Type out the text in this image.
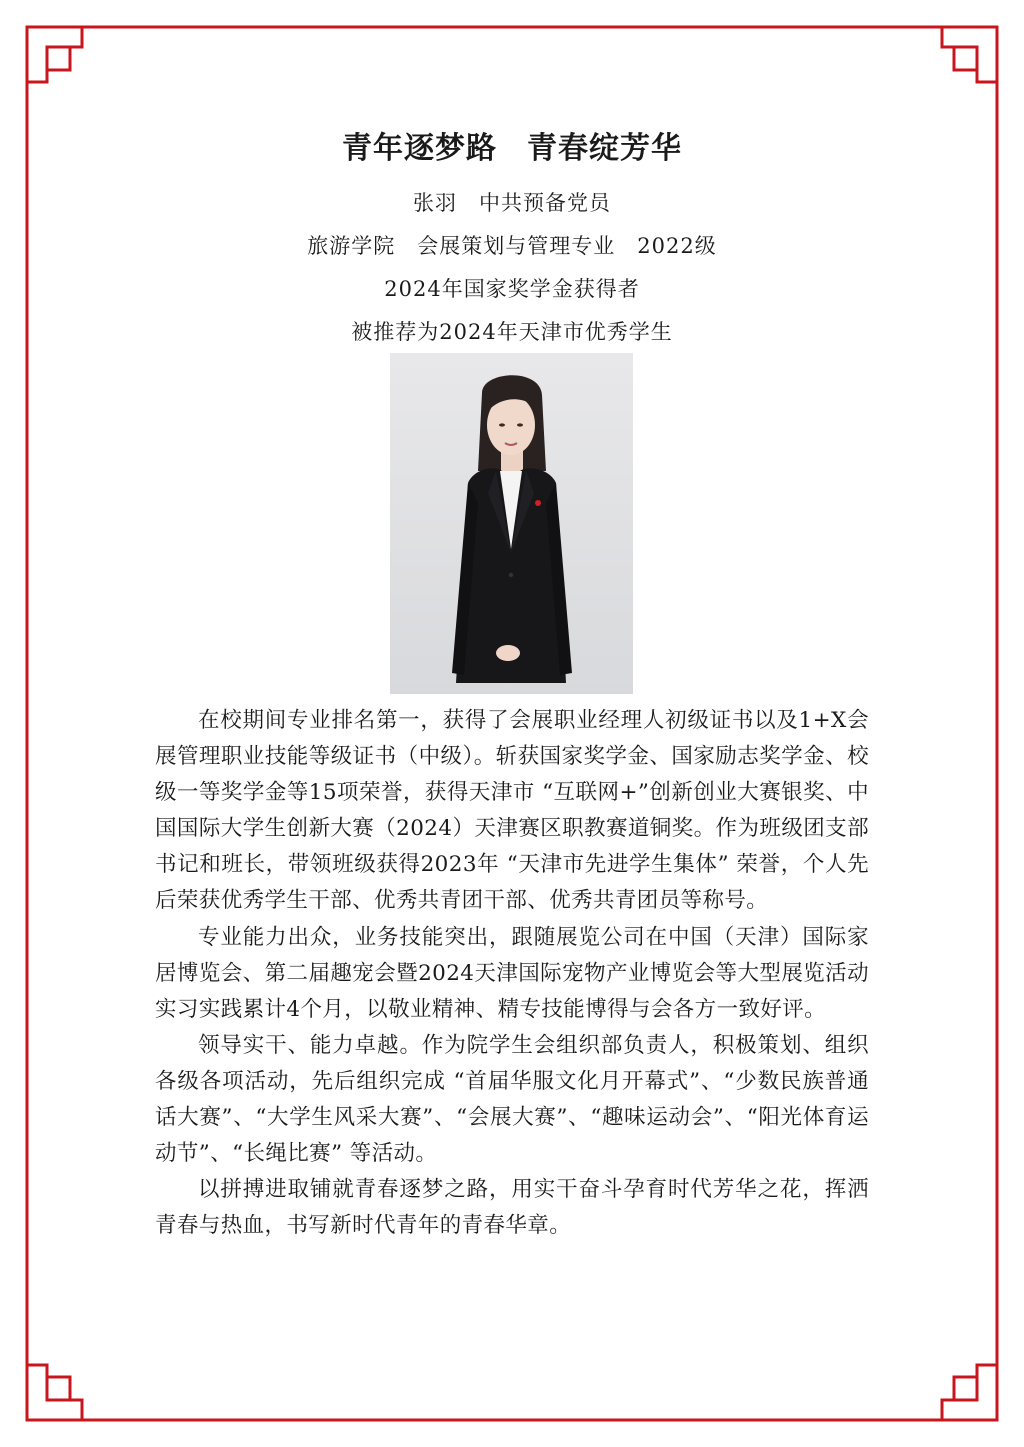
青年逐梦路 青春绽芳华
张羽 中共预备党员
旅游学院 会展策划与管理专业 2022级
2024年国家奖学金获得者
被推荐为2024年天津市优秀学生

在校期间专业排名第一，获得了会展职业经理人初级证书以及1+X会展管理职业技能等级证书（中级）。斩获国家奖学金、国家励志奖学金、校级一等奖学金等15项荣誉，获得天津市 “互联网+”创新创业大赛银奖、中国国际大学生创新大赛（2024）天津赛区职教赛道铜奖。作为班级团支部书记和班长，带领班级获得2023年 “天津市先进学生集体” 荣誉，个人先后荣获优秀学生干部、优秀共青团干部、优秀共青团员等称号。

专业能力出众，业务技能突出，跟随展览公司在中国（天津）国际家居博览会、第二届趣宠会暨2024天津国际宠物产业博览会等大型展览活动实习实践累计4个月，以敬业精神、精专技能博得与会各方一致好评。

领导实干、能力卓越。作为院学生会组织部负责人，积极策划、组织各级各项活动，先后组织完成 “首届华服文化月开幕式”、“少数民族普通话大赛”、“大学生风采大赛”、“会展大赛”、“趣味运动会”、“阳光体育运动节”、“长绳比赛” 等活动。

以拼搏进取铺就青春逐梦之路，用实干奋斗孕育时代芳华之花，挥洒青春与热血，书写新时代青年的青春华章。
